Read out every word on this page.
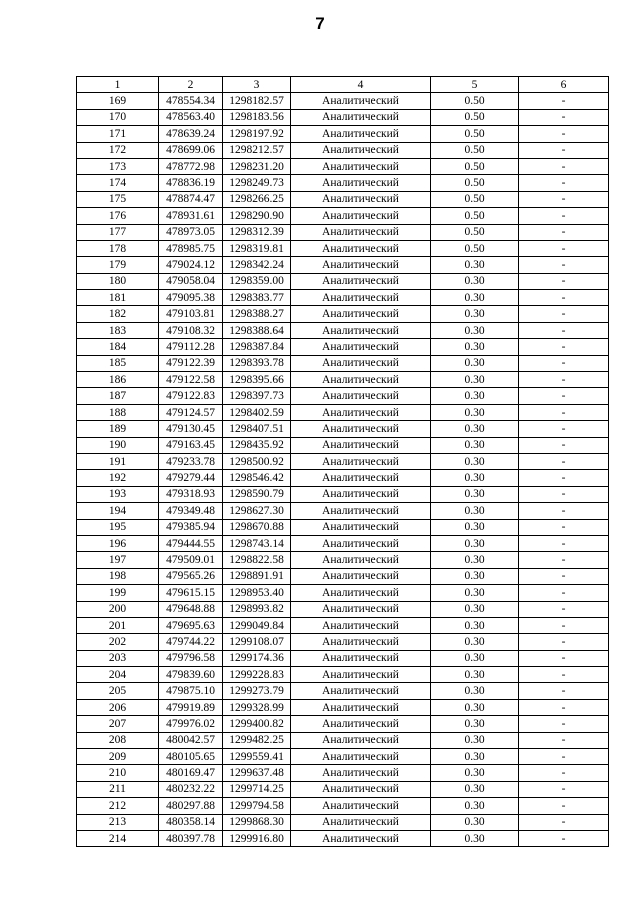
7
1	2	3	4	5	6
169	478554.34	1298182.57	Аналитический	0.50	-
170	478563.40	1298183.56	Аналитический	0.50	-
171	478639.24	1298197.92	Аналитический	0.50	-
172	478699.06	1298212.57	Аналитический	0.50	-
173	478772.98	1298231.20	Аналитический	0.50	-
174	478836.19	1298249.73	Аналитический	0.50	-
175	478874.47	1298266.25	Аналитический	0.50	-
176	478931.61	1298290.90	Аналитический	0.50	-
177	478973.05	1298312.39	Аналитический	0.50	-
178	478985.75	1298319.81	Аналитический	0.50	-
179	479024.12	1298342.24	Аналитический	0.30	-
180	479058.04	1298359.00	Аналитический	0.30	-
181	479095.38	1298383.77	Аналитический	0.30	-
182	479103.81	1298388.27	Аналитический	0.30	-
183	479108.32	1298388.64	Аналитический	0.30	-
184	479112.28	1298387.84	Аналитический	0.30	-
185	479122.39	1298393.78	Аналитический	0.30	-
186	479122.58	1298395.66	Аналитический	0.30	-
187	479122.83	1298397.73	Аналитический	0.30	-
188	479124.57	1298402.59	Аналитический	0.30	-
189	479130.45	1298407.51	Аналитический	0.30	-
190	479163.45	1298435.92	Аналитический	0.30	-
191	479233.78	1298500.92	Аналитический	0.30	-
192	479279.44	1298546.42	Аналитический	0.30	-
193	479318.93	1298590.79	Аналитический	0.30	-
194	479349.48	1298627.30	Аналитический	0.30	-
195	479385.94	1298670.88	Аналитический	0.30	-
196	479444.55	1298743.14	Аналитический	0.30	-
197	479509.01	1298822.58	Аналитический	0.30	-
198	479565.26	1298891.91	Аналитический	0.30	-
199	479615.15	1298953.40	Аналитический	0.30	-
200	479648.88	1298993.82	Аналитический	0.30	-
201	479695.63	1299049.84	Аналитический	0.30	-
202	479744.22	1299108.07	Аналитический	0.30	-
203	479796.58	1299174.36	Аналитический	0.30	-
204	479839.60	1299228.83	Аналитический	0.30	-
205	479875.10	1299273.79	Аналитический	0.30	-
206	479919.89	1299328.99	Аналитический	0.30	-
207	479976.02	1299400.82	Аналитический	0.30	-
208	480042.57	1299482.25	Аналитический	0.30	-
209	480105.65	1299559.41	Аналитический	0.30	-
210	480169.47	1299637.48	Аналитический	0.30	-
211	480232.22	1299714.25	Аналитический	0.30	-
212	480297.88	1299794.58	Аналитический	0.30	-
213	480358.14	1299868.30	Аналитический	0.30	-
214	480397.78	1299916.80	Аналитический	0.30	-
